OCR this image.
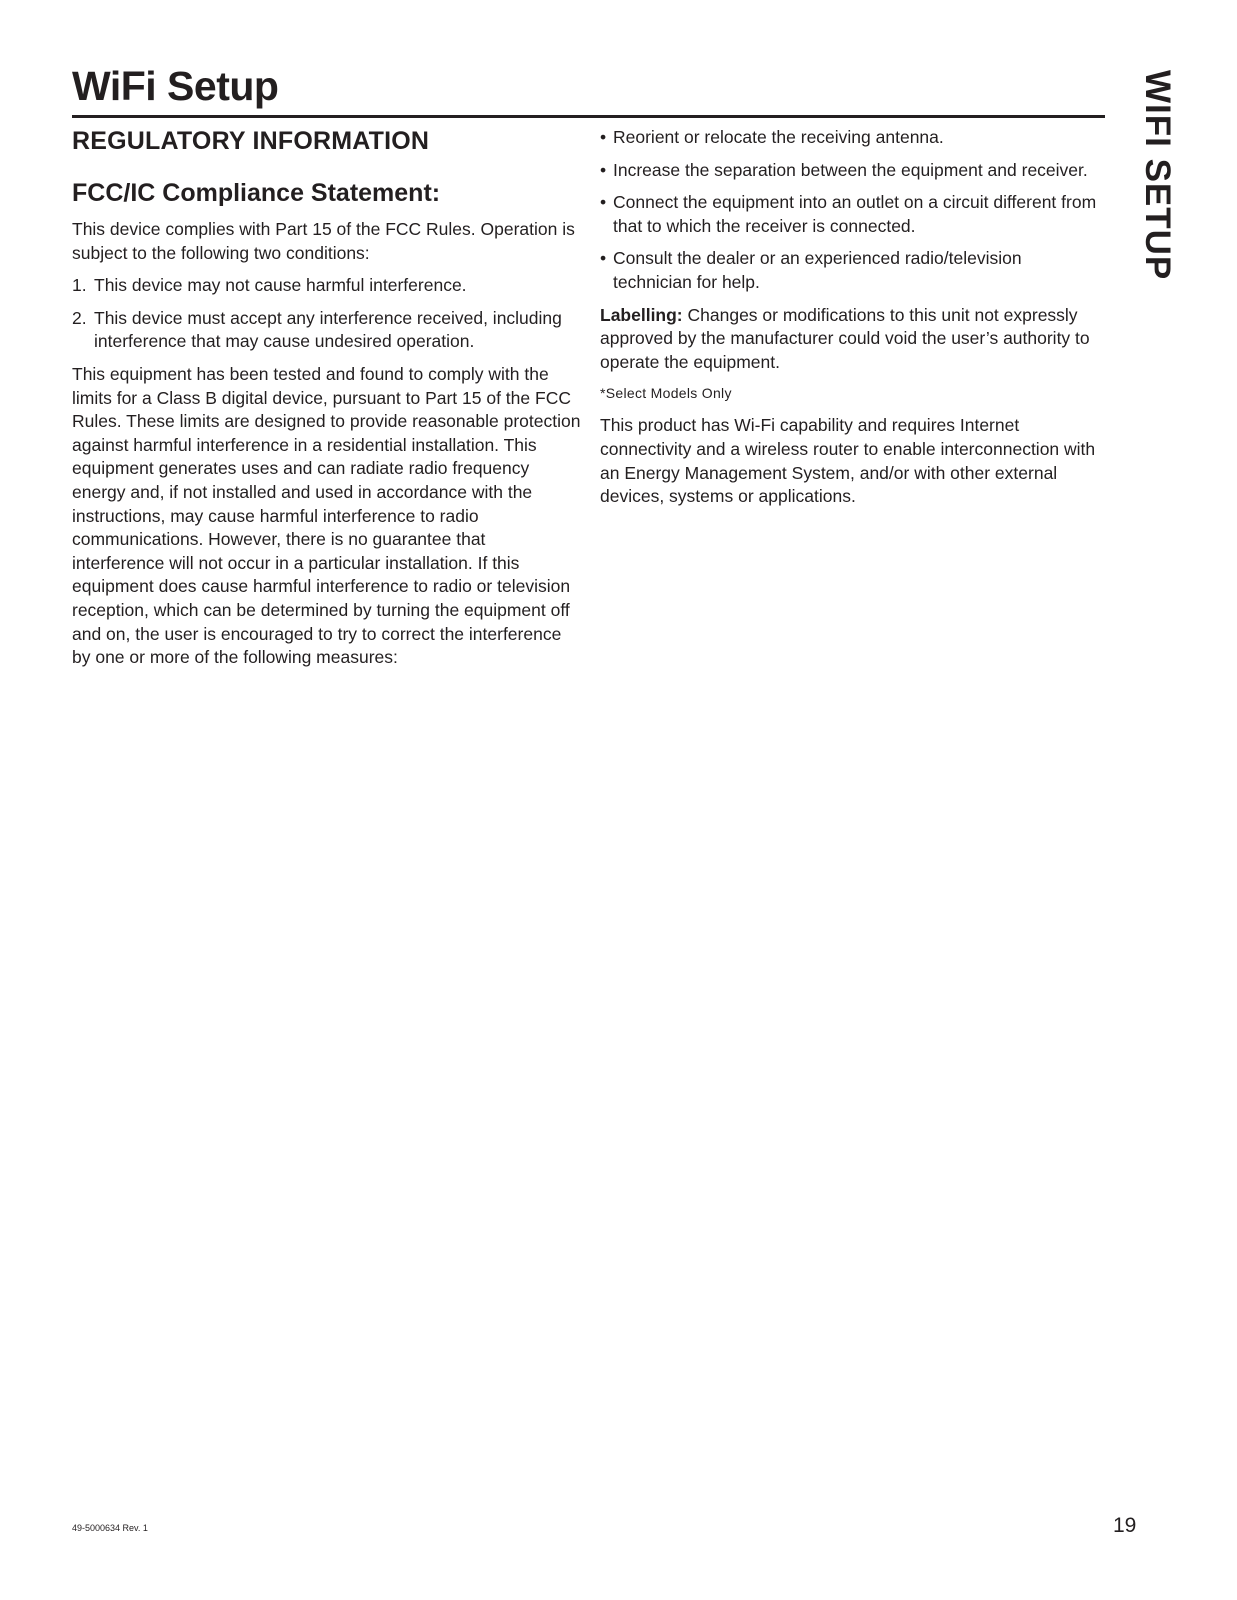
WiFi Setup	WIFI SETUP
REGULATORY INFORMATION
FCC/IC Compliance Statement:

This device complies with Part 15 of the FCC Rules. Operation is subject to the following two conditions:

1. This device may not cause harmful interference.
2. This device must accept any interference received, including interference that may cause undesired operation.

This equipment has been tested and found to comply with the limits for a Class B digital device, pursuant to Part 15 of the FCC Rules. These limits are designed to provide reasonable protection against harmful interference in a residential installation. This equipment generates uses and can radiate radio frequency energy and, if not installed and used in accordance with the instructions, may cause harmful interference to radio communications. However, there is no guarantee that interference will not occur in a particular installation. If this equipment does cause harmful interference to radio or television reception, which can be determined by turning the equipment off and on, the user is encouraged to try to correct the interference by one or more of the following measures:

• Reorient or relocate the receiving antenna.
• Increase the separation between the equipment and receiver.
• Connect the equipment into an outlet on a circuit different from that to which the receiver is connected.
• Consult the dealer or an experienced radio/television technician for help.

Labelling: Changes or modifications to this unit not expressly approved by the manufacturer could void the user’s authority to operate the equipment.

*Select Models Only

This product has Wi-Fi capability and requires Internet connectivity and a wireless router to enable interconnection with an Energy Management System, and/or with other external devices, systems or applications.

49-5000634 Rev. 1	19
